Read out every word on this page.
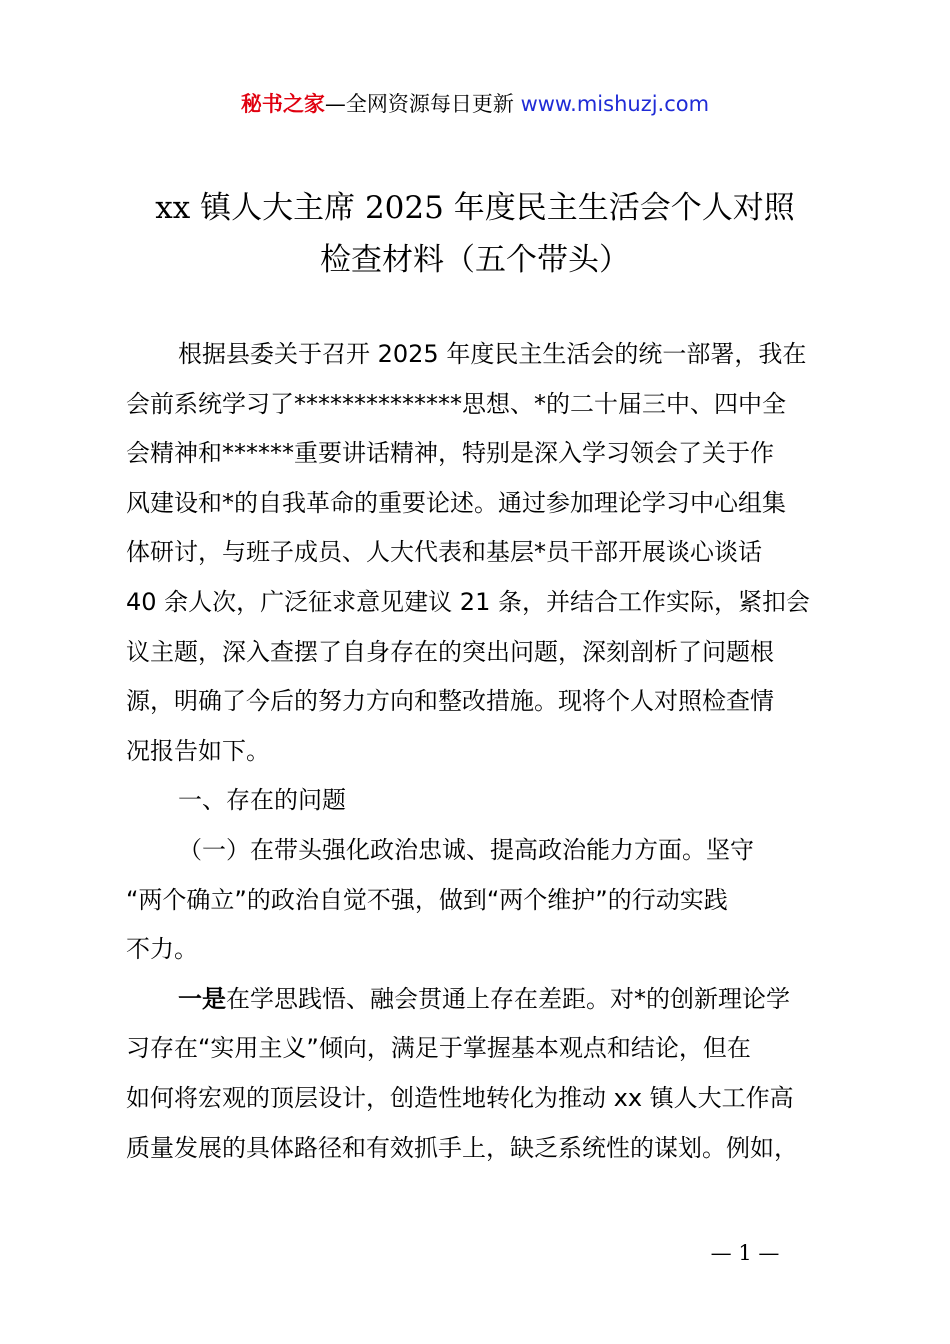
秘书之家—全网资源每日更新 www.mishuzj.com
xx 镇人大主席 2025 年度民主生活会个人对照
检查材料（五个带头）
根据县委关于召开 2025 年度民主生活会的统一部署，我在
会前系统学习了**************思想、*的二十届三中、四中全
会精神和******重要讲话精神，特别是深入学习领会了关于作
风建设和*的自我革命的重要论述。通过参加理论学习中心组集
体研讨，与班子成员、人大代表和基层*员干部开展谈心谈话
40 余人次，广泛征求意见建议 21 条，并结合工作实际，紧扣会
议主题，深入查摆了自身存在的突出问题，深刻剖析了问题根
源，明确了今后的努力方向和整改措施。现将个人对照检查情
况报告如下。
一、存在的问题
（一）在带头强化政治忠诚、提高政治能力方面。坚守
“两个确立”的政治自觉不强，做到“两个维护”的行动实践
不力。
一是在学思践悟、融会贯通上存在差距。对*的创新理论学
习存在“实用主义”倾向，满足于掌握基本观点和结论，但在
如何将宏观的顶层设计，创造性地转化为推动 xx 镇人大工作高
质量发展的具体路径和有效抓手上，缺乏系统性的谋划。例如，
— 1 —
